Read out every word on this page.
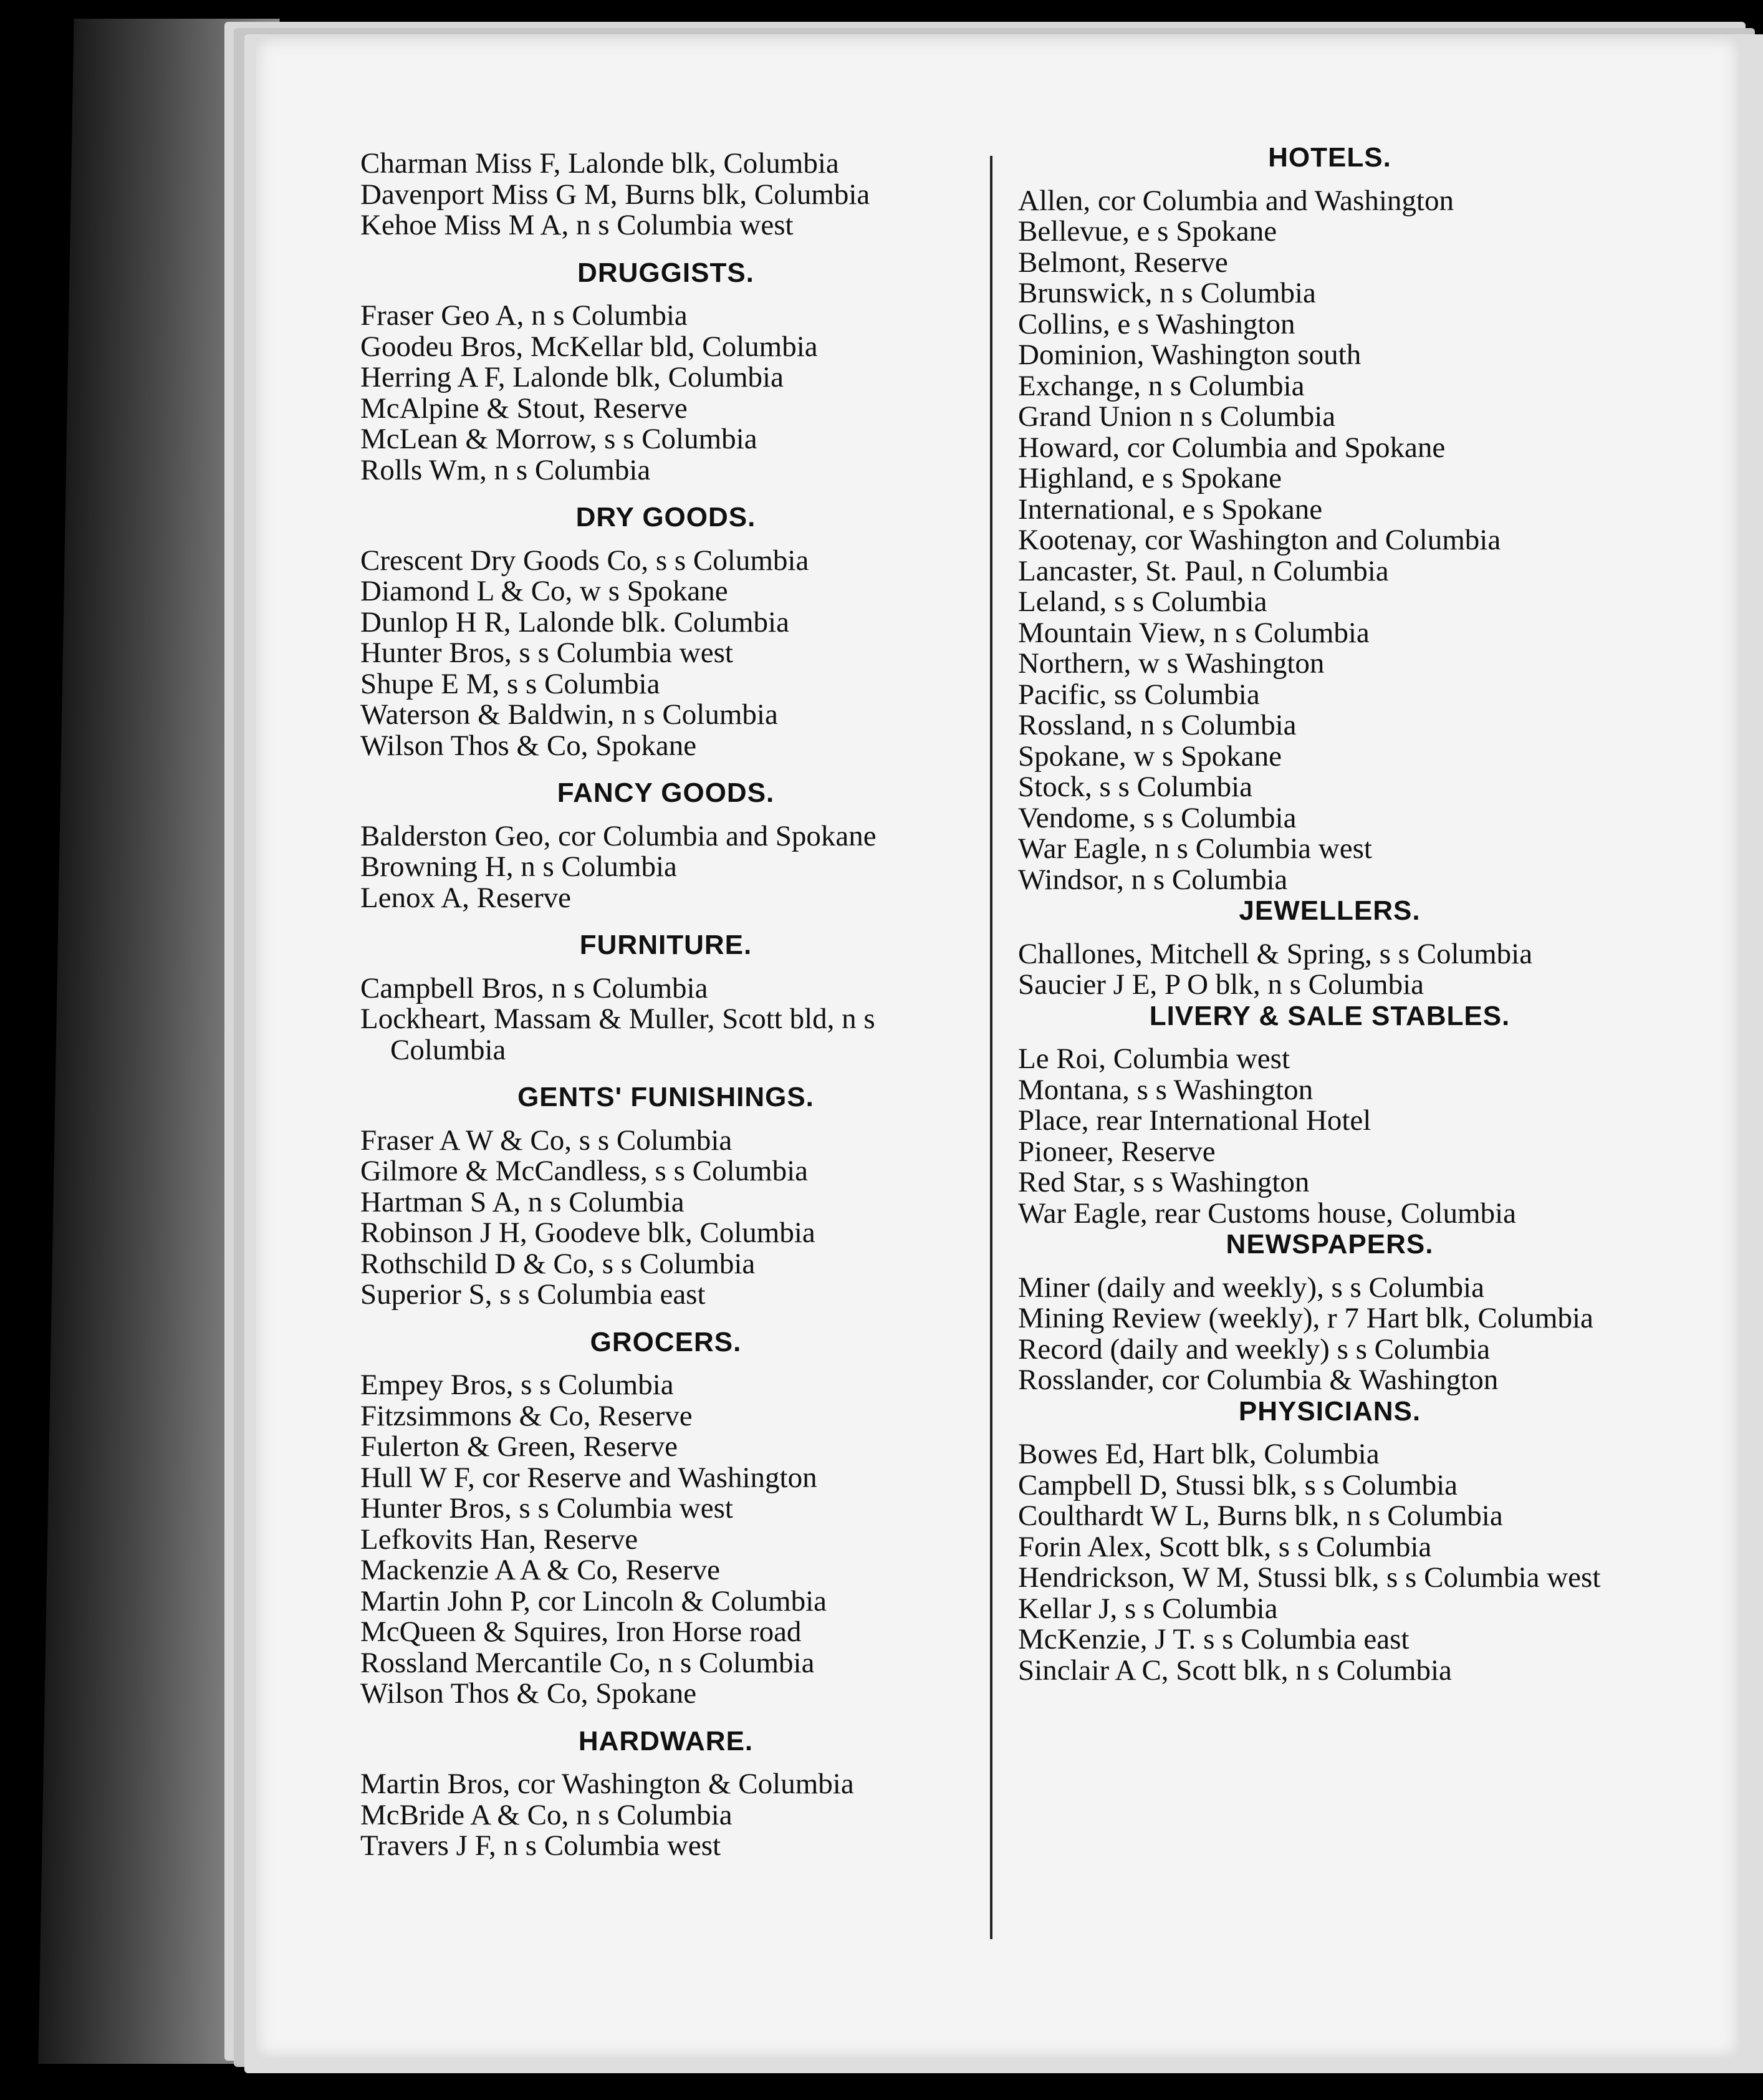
Charman Miss F, Lalonde blk, Columbia
Davenport Miss G M, Burns blk, Columbia
Kehoe Miss M A, n s Columbia west
DRUGGISTS.
Fraser Geo A, n s Columbia
Goodeu Bros, McKellar bld, Columbia
Herring A F, Lalonde blk, Columbia
McAlpine & Stout, Reserve
McLean & Morrow, s s Columbia
Rolls Wm, n s Columbia
DRY GOODS.
Crescent Dry Goods Co, s s Columbia
Diamond L & Co, w s Spokane
Dunlop H R, Lalonde blk. Columbia
Hunter Bros, s s Columbia west
Shupe E M, s s Columbia
Waterson & Baldwin, n s Columbia
Wilson Thos & Co, Spokane
FANCY GOODS.
Balderston Geo, cor Columbia and Spokane
Browning H, n s Columbia
Lenox A, Reserve
FURNITURE.
Campbell Bros, n s Columbia
Lockheart, Massam & Muller, Scott bld, n s Columbia
GENTS' FUNISHINGS.
Fraser A W & Co, s s Columbia
Gilmore & McCandless, s s Columbia
Hartman S A, n s Columbia
Robinson J H, Goodeve blk, Columbia
Rothschild D & Co, s s Columbia
Superior S, s s Columbia east
GROCERS.
Empey Bros, s s Columbia
Fitzsimmons & Co, Reserve
Fulerton & Green, Reserve
Hull W F, cor Reserve and Washington
Hunter Bros, s s Columbia west
Lefkovits Han, Reserve
Mackenzie A A & Co, Reserve
Martin John P, cor Lincoln & Columbia
McQueen & Squires, Iron Horse road
Rossland Mercantile Co, n s Columbia
Wilson Thos & Co, Spokane
HARDWARE.
Martin Bros, cor Washington & Columbia
McBride A & Co, n s Columbia
Travers J F, n s Columbia west
HOTELS.
Allen, cor Columbia and Washington
Bellevue, e s Spokane
Belmont, Reserve
Brunswick, n s Columbia
Collins, e s Washington
Dominion, Washington south
Exchange, n s Columbia
Grand Union n s Columbia
Howard, cor Columbia and Spokane
Highland, e s Spokane
International, e s Spokane
Kootenay, cor Washington and Columbia
Lancaster, St. Paul, n Columbia
Leland, s s Columbia
Mountain View, n s Columbia
Northern, w s Washington
Pacific, ss Columbia
Rossland, n s Columbia
Spokane, w s Spokane
Stock, s s Columbia
Vendome, s s Columbia
War Eagle, n s Columbia west
Windsor, n s Columbia
JEWELLERS.
Challones, Mitchell & Spring, s s Columbia
Saucier J E, P O blk, n s Columbia
LIVERY & SALE STABLES.
Le Roi, Columbia west
Montana, s s Washington
Place, rear International Hotel
Pioneer, Reserve
Red Star, s s Washington
War Eagle, rear Customs house, Columbia
NEWSPAPERS.
Miner (daily and weekly), s s Columbia
Mining Review (weekly), r 7 Hart blk, Columbia
Record (daily and weekly) s s Columbia
Rosslander, cor Columbia & Washington
PHYSICIANS.
Bowes Ed, Hart blk, Columbia
Campbell D, Stussi blk, s s Columbia
Coulthardt W L, Burns blk, n s Columbia
Forin Alex, Scott blk, s s Columbia
Hendrickson, W M, Stussi blk, s s Columbia west
Kellar J, s s Columbia
McKenzie, J T. s s Columbia east
Sinclair A C, Scott blk, n s Columbia
